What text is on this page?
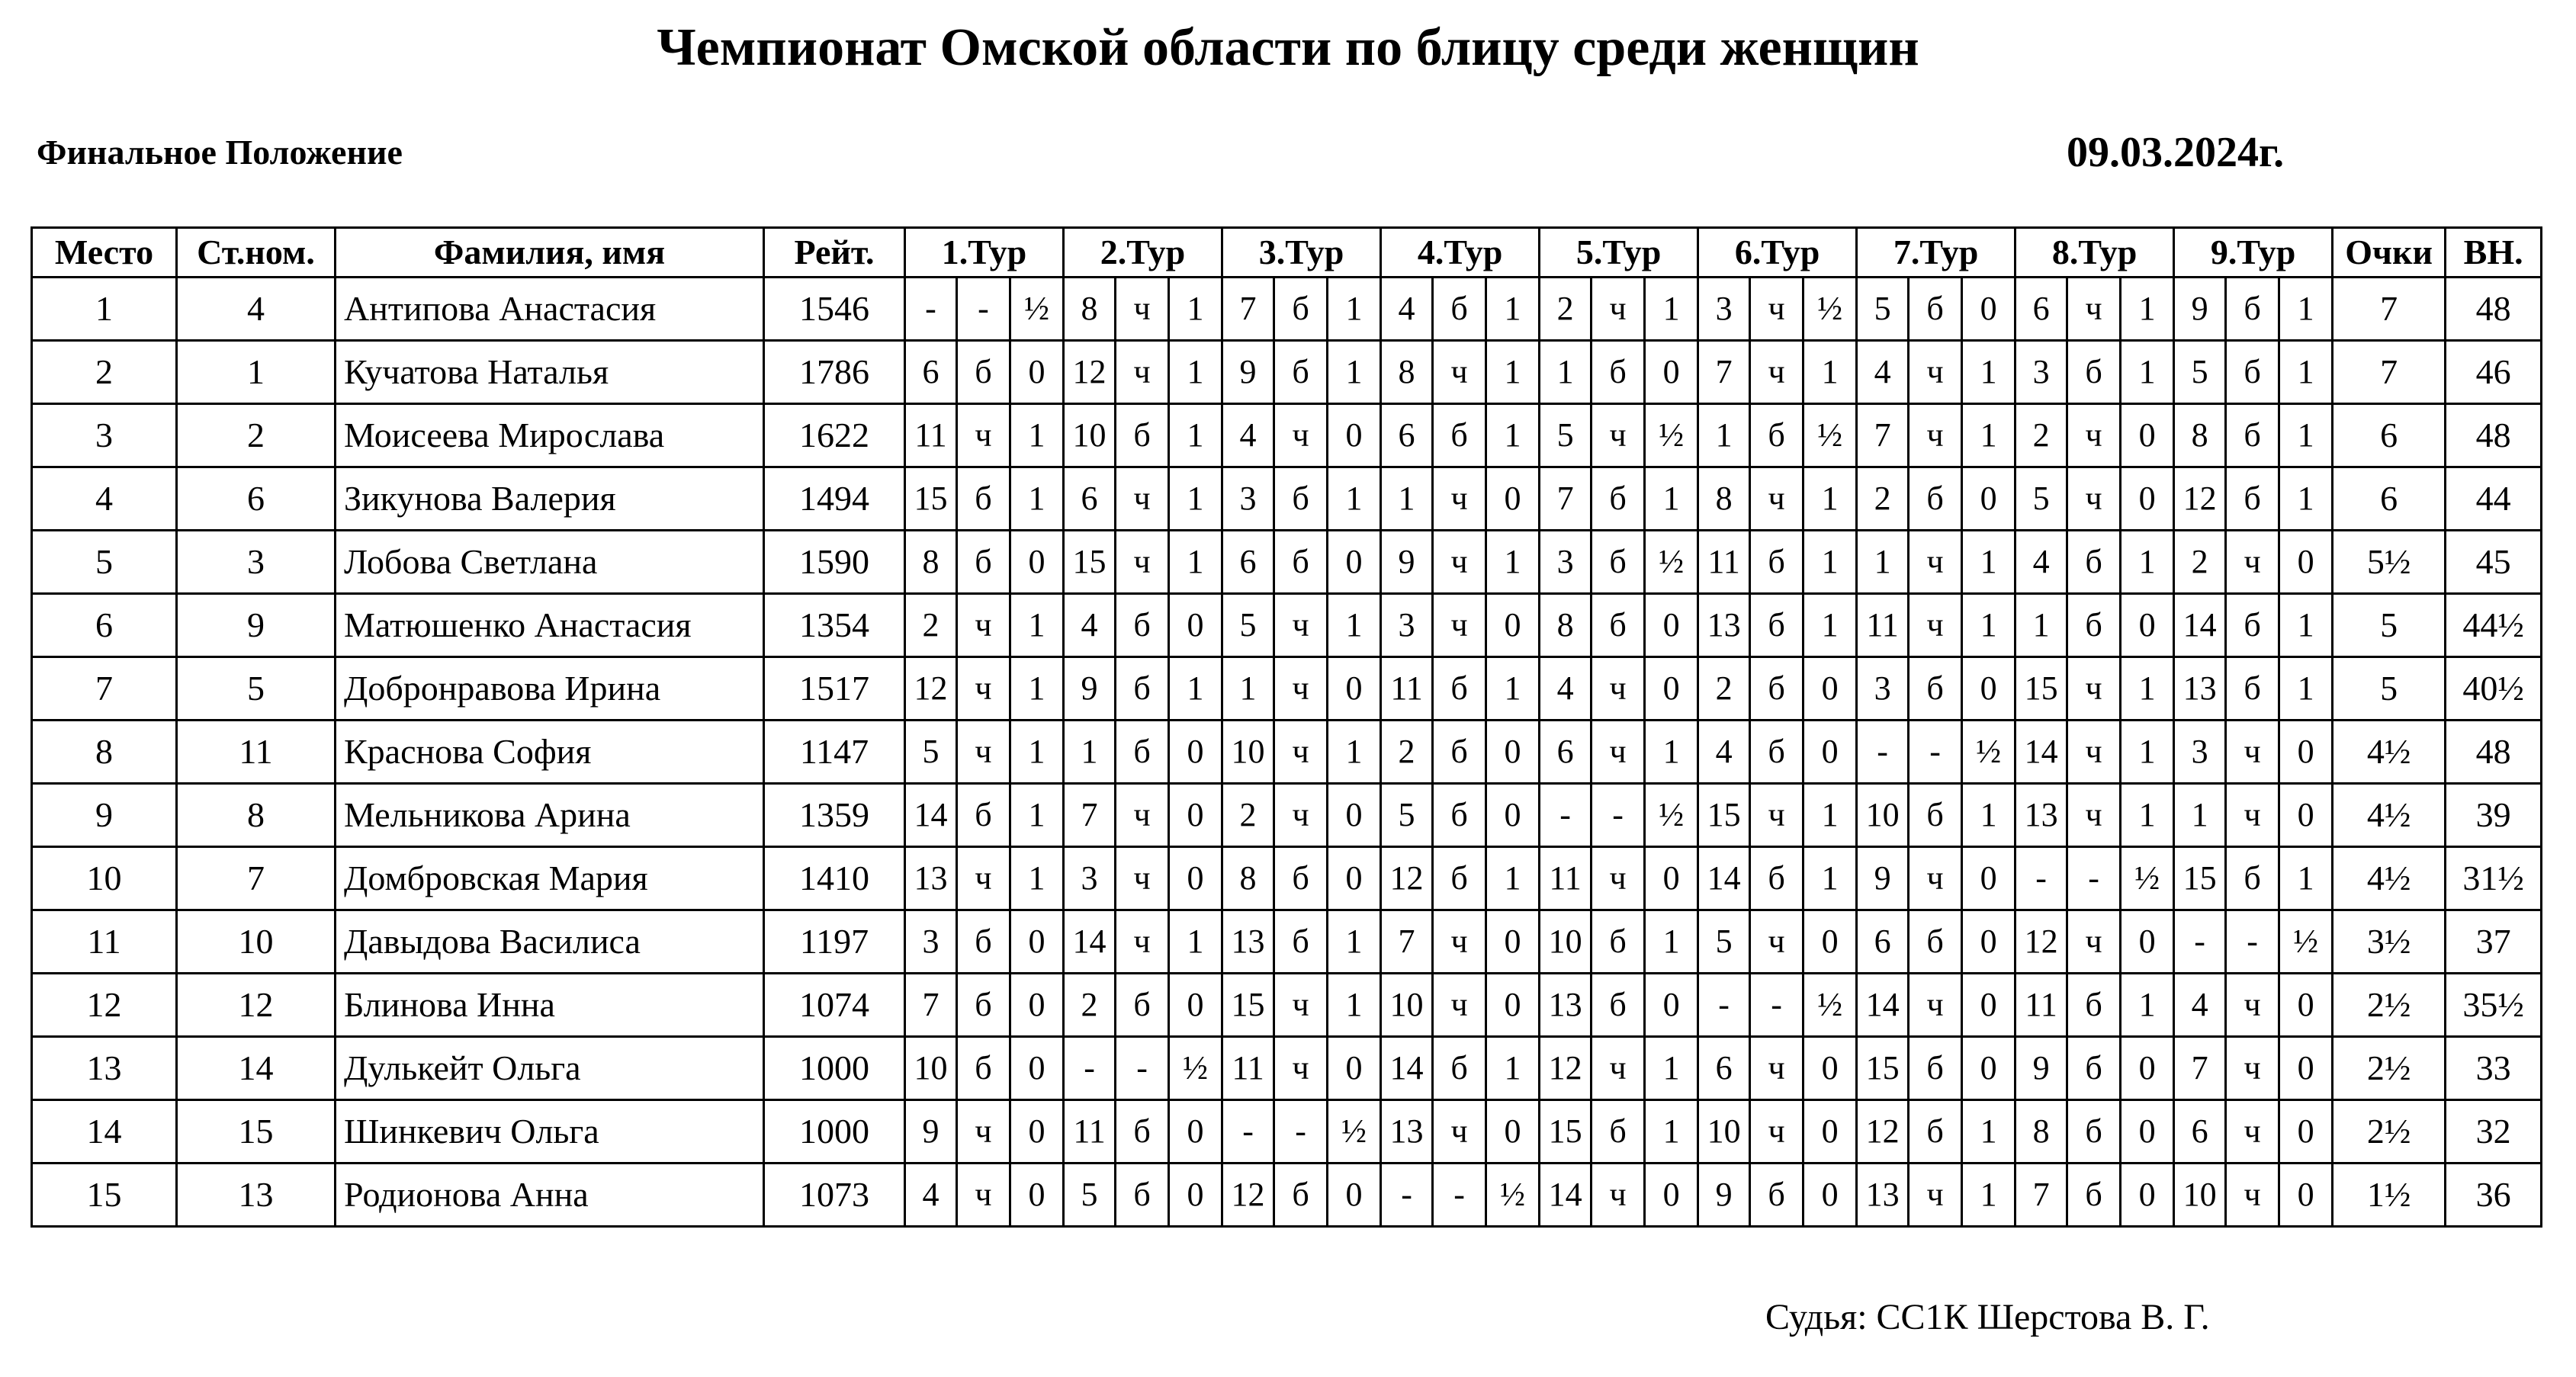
Чемпионат Омской области по блицу среди женщин
Финальное Положение	09.03.2024г.
Место	Ст.ном.	Фамилия, имя	Рейт.	1.Тур			2.Тур			3.Тур			4.Тур			5.Тур			6.Тур			7.Тур			8.Тур			9.Тур			Очки	ВН.
1	4	Антипова Анастасия	1546	-	-	½	8	ч	1	7	б	1	4	б	1	2	ч	1	3	ч	½	5	б	0	6	ч	1	9	б	1	7	48
2	1	Кучатова Наталья	1786	6	б	0	12	ч	1	9	б	1	8	ч	1	1	б	0	7	ч	1	4	ч	1	3	б	1	5	б	1	7	46
3	2	Моисеева Мирослава	1622	11	ч	1	10	б	1	4	ч	0	6	б	1	5	ч	½	1	б	½	7	ч	1	2	ч	0	8	б	1	6	48
4	6	Зикунова Валерия	1494	15	б	1	6	ч	1	3	б	1	1	ч	0	7	б	1	8	ч	1	2	б	0	5	ч	0	12	б	1	6	44
5	3	Лобова Светлана	1590	8	б	0	15	ч	1	6	б	0	9	ч	1	3	б	½	11	б	1	1	ч	1	4	б	1	2	ч	0	5½	45
6	9	Матюшенко Анастасия	1354	2	ч	1	4	б	0	5	ч	1	3	ч	0	8	б	0	13	б	1	11	ч	1	1	б	0	14	б	1	5	44½
7	5	Добронравова Ирина	1517	12	ч	1	9	б	1	1	ч	0	11	б	1	4	ч	0	2	б	0	3	б	0	15	ч	1	13	б	1	5	40½
8	11	Краснова София	1147	5	ч	1	1	б	0	10	ч	1	2	б	0	6	ч	1	4	б	0	-	-	½	14	ч	1	3	ч	0	4½	48
9	8	Мельникова Арина	1359	14	б	1	7	ч	0	2	ч	0	5	б	0	-	-	½	15	ч	1	10	б	1	13	ч	1	1	ч	0	4½	39
10	7	Домбровская Мария	1410	13	ч	1	3	ч	0	8	б	0	12	б	1	11	ч	0	14	б	1	9	ч	0	-	-	½	15	б	1	4½	31½
11	10	Давыдова Василиса	1197	3	б	0	14	ч	1	13	б	1	7	ч	0	10	б	1	5	ч	0	6	б	0	12	ч	0	-	-	½	3½	37
12	12	Блинова Инна	1074	7	б	0	2	б	0	15	ч	1	10	ч	0	13	б	0	-	-	½	14	ч	0	11	б	1	4	ч	0	2½	35½
13	14	Дулькейт Ольга	1000	10	б	0	-	-	½	11	ч	0	14	б	1	12	ч	1	6	ч	0	15	б	0	9	б	0	7	ч	0	2½	33
14	15	Шинкевич Ольга	1000	9	ч	0	11	б	0	-	-	½	13	ч	0	15	б	1	10	ч	0	12	б	1	8	б	0	6	ч	0	2½	32
15	13	Родионова Анна	1073	4	ч	0	5	б	0	12	б	0	-	-	½	14	ч	0	9	б	0	13	ч	1	7	б	0	10	ч	0	1½	36
Судья: СС1К Шерстова В. Г.
